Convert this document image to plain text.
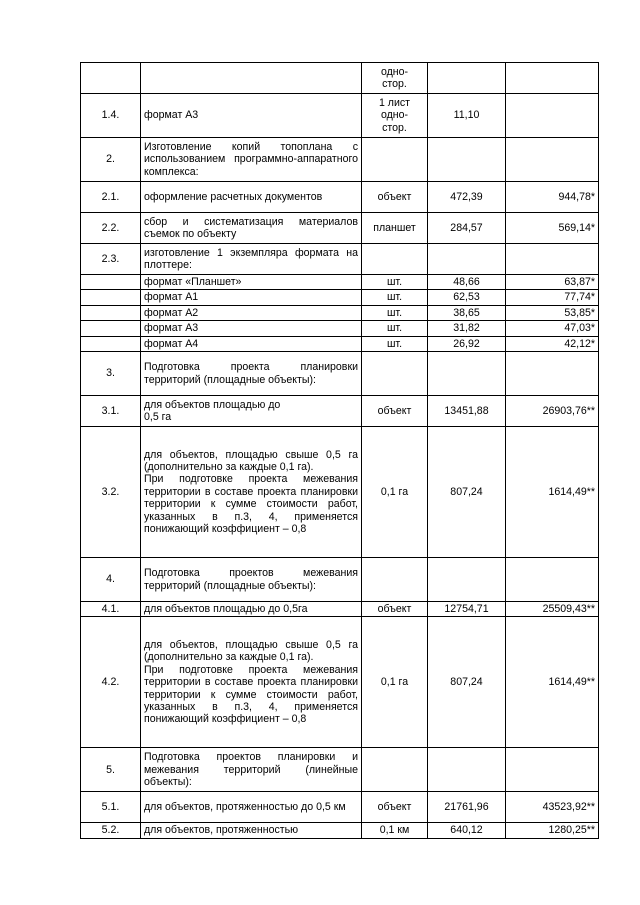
		одно-
стор.		
1.4.	формат А3	1 лист
одно-
стор.	11,10	
2.	Изготовление копий топоплана с использованием программно-аппаратного комплекса:			
2.1.	оформление расчетных документов	объект	472,39	944,78*
2.2.	сбор и систематизация материалов съемок по объекту	планшет	284,57	569,14*
2.3.	изготовление 1 экземпляра формата на плоттере:			
	формат «Планшет»	шт.	48,66	63,87*
	формат А1	шт.	62,53	77,74*
	формат А2	шт.	38,65	53,85*
	формат А3	шт.	31,82	47,03*
	формат А4	шт.	26,92	42,12*
3.	Подготовка проекта планировки территорий (площадные объекты):			
3.1.	для объектов площадью до
0,5 га	объект	13451,88	26903,76**
3.2.	для объектов, площадью свыше 0,5 га (дополнительно за каждые 0,1 га).
При подготовке проекта межевания территории в составе проекта планировки территории к сумме стоимости работ, указанных в п.3, 4, применяется понижающий коэффициент – 0,8	0,1 га	807,24	1614,49**
4.	Подготовка проектов межевания территорий (площадные объекты):			
4.1.	для объектов площадью до 0,5га	объект	12754,71	25509,43**
4.2.	для объектов, площадью свыше 0,5 га (дополнительно за каждые 0,1 га).
При подготовке проекта межевания территории в составе проекта планировки территории к сумме стоимости работ, указанных в п.3, 4, применяется понижающий коэффициент – 0,8	0,1 га	807,24	1614,49**
5.	Подготовка проектов планировки и межевания территорий (линейные объекты):			
5.1.	для объектов, протяженностью до 0,5 км	объект	21761,96	43523,92**
5.2.	для объектов, протяженностью	0,1 км	640,12	1280,25**
